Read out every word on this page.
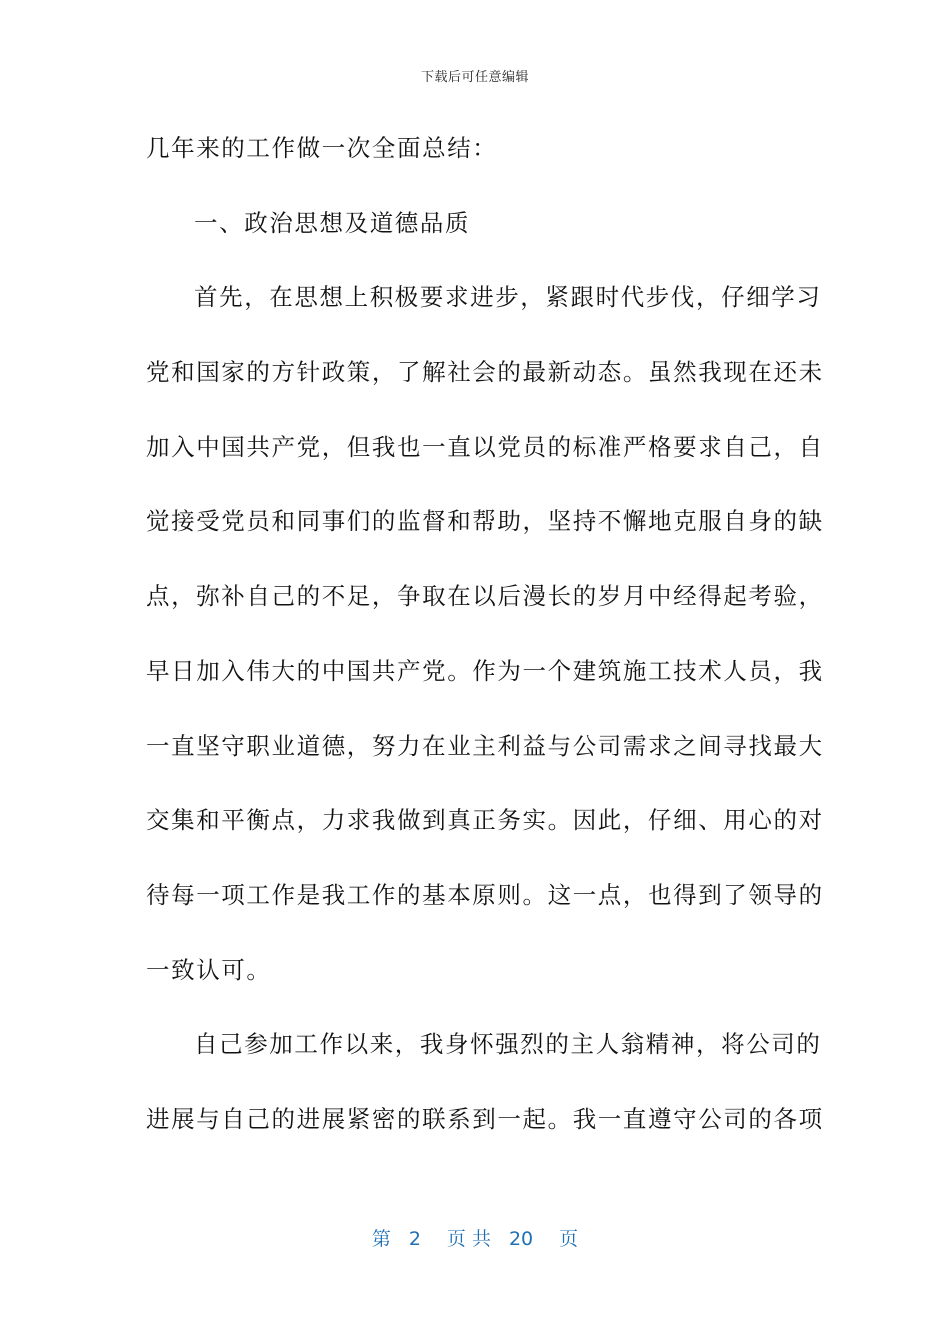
下载后可任意编辑
几年来的工作做一次全面总结：
一、政治思想及道德品质
首先，在思想上积极要求进步，紧跟时代步伐，仔细学习
党和国家的方针政策，了解社会的最新动态。虽然我现在还未
加入中国共产党，但我也一直以党员的标准严格要求自己，自
觉接受党员和同事们的监督和帮助，坚持不懈地克服自身的缺
点，弥补自己的不足，争取在以后漫长的岁月中经得起考验，
早日加入伟大的中国共产党。作为一个建筑施工技术人员，我
一直坚守职业道德，努力在业主利益与公司需求之间寻找最大
交集和平衡点，力求我做到真正务实。因此，仔细、用心的对
待每一项工作是我工作的基本原则。这一点，也得到了领导的
一致认可。
自己参加工作以来，我身怀强烈的主人翁精神，将公司的
进展与自己的进展紧密的联系到一起。我一直遵守公司的各项
第 2 页 共 20 页
